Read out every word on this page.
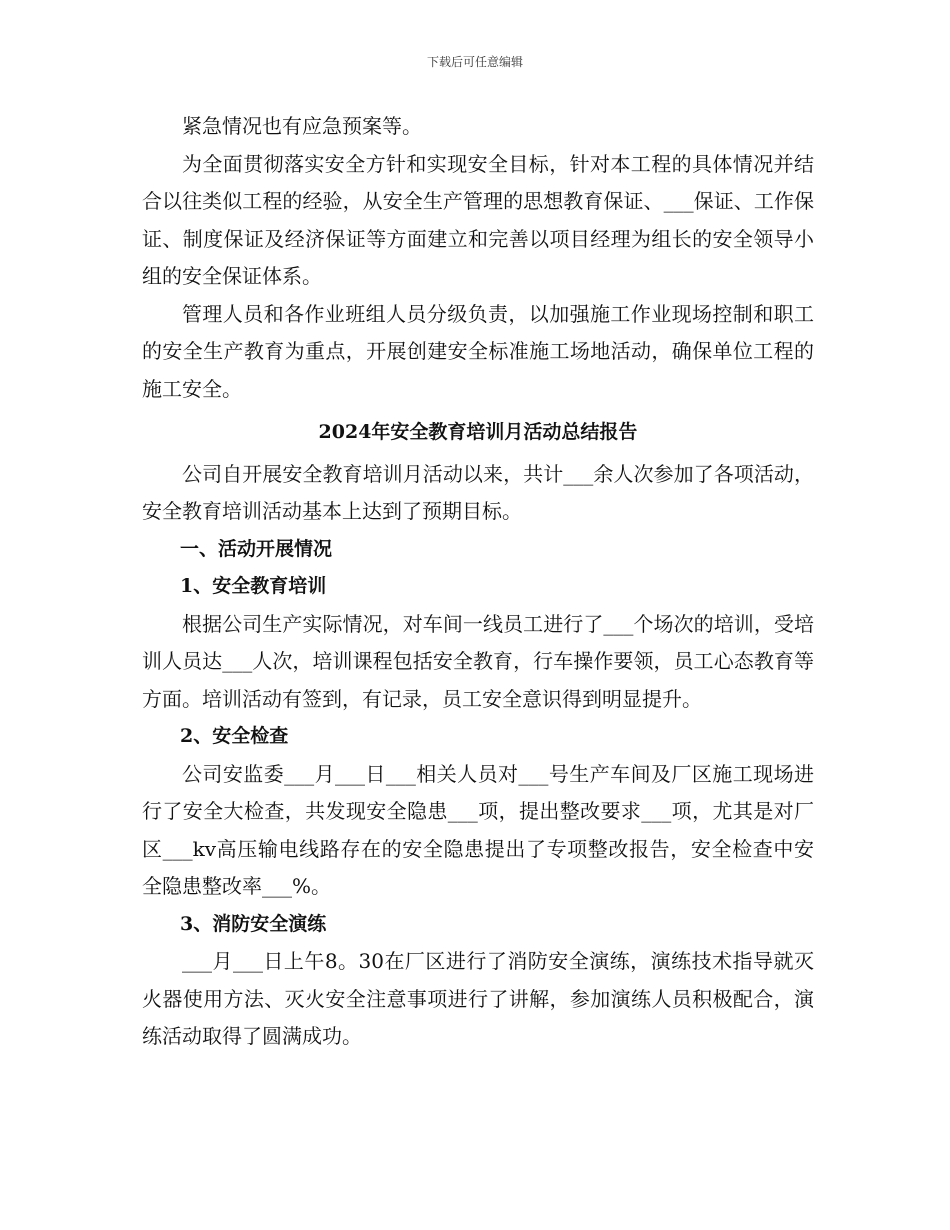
下载后可任意编辑

紧急情况也有应急预案等。

为全面贯彻落实安全方针和实现安全目标，针对本工程的具体情况并结合以往类似工程的经验，从安全生产管理的思想教育保证、___保证、工作保证、制度保证及经济保证等方面建立和完善以项目经理为组长的安全领导小组的安全保证体系。

管理人员和各作业班组人员分级负责，以加强施工作业现场控制和职工的安全生产教育为重点，开展创建安全标准施工场地活动，确保单位工程的施工安全。

2024年安全教育培训月活动总结报告

公司自开展安全教育培训月活动以来，共计___余人次参加了各项活动，安全教育培训活动基本上达到了预期目标。

一、活动开展情况
1、安全教育培训

根据公司生产实际情况，对车间一线员工进行了___个场次的培训，受培训人员达___人次，培训课程包括安全教育，行车操作要领，员工心态教育等方面。培训活动有签到，有记录，员工安全意识得到明显提升。

2、安全检查

公司安监委___月___日___相关人员对___号生产车间及厂区施工现场进行了安全大检查，共发现安全隐患___项，提出整改要求___项，尤其是对厂区___kv高压输电线路存在的安全隐患提出了专项整改报告，安全检查中安全隐患整改率___%。

3、消防安全演练

___月___日上午8。30在厂区进行了消防安全演练，演练技术指导就灭火器使用方法、灭火安全注意事项进行了讲解，参加演练人员积极配合，演练活动取得了圆满成功。
